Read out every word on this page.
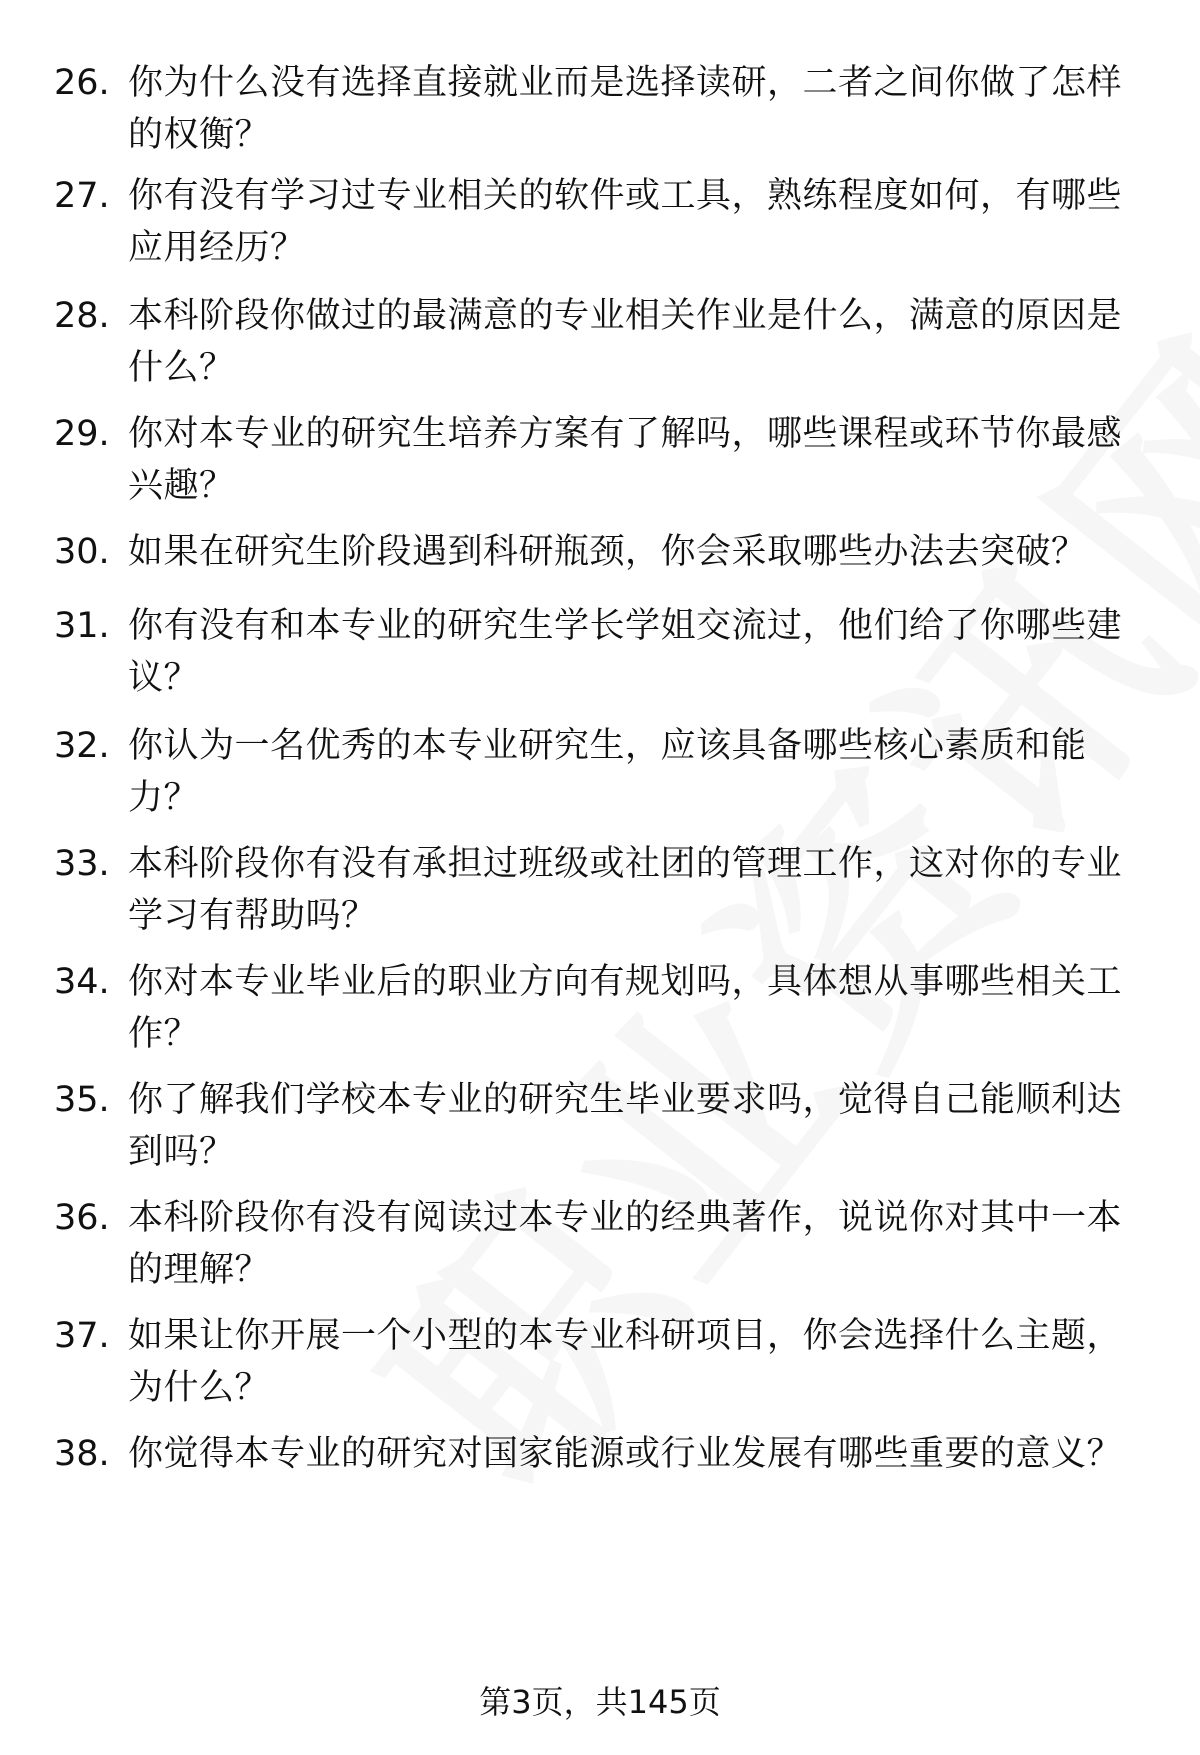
26. 你为什么没有选择直接就业而是选择读研，二者之间你做了怎样的权衡？
27. 你有没有学习过专业相关的软件或工具，熟练程度如何，有哪些应用经历？
28. 本科阶段你做过的最满意的专业相关作业是什么，满意的原因是什么？
29. 你对本专业的研究生培养方案有了解吗，哪些课程或环节你最感兴趣？
30. 如果在研究生阶段遇到科研瓶颈，你会采取哪些办法去突破？
31. 你有没有和本专业的研究生学长学姐交流过，他们给了你哪些建议？
32. 你认为一名优秀的本专业研究生，应该具备哪些核心素质和能力？
33. 本科阶段你有没有承担过班级或社团的管理工作，这对你的专业学习有帮助吗？
34. 你对本专业毕业后的职业方向有规划吗，具体想从事哪些相关工作？
35. 你了解我们学校本专业的研究生毕业要求吗，觉得自己能顺利达到吗？
36. 本科阶段你有没有阅读过本专业的经典著作，说说你对其中一本的理解？
37. 如果让你开展一个小型的本专业科研项目，你会选择什么主题，为什么？
38. 你觉得本专业的研究对国家能源或行业发展有哪些重要的意义？
第3页，共145页
